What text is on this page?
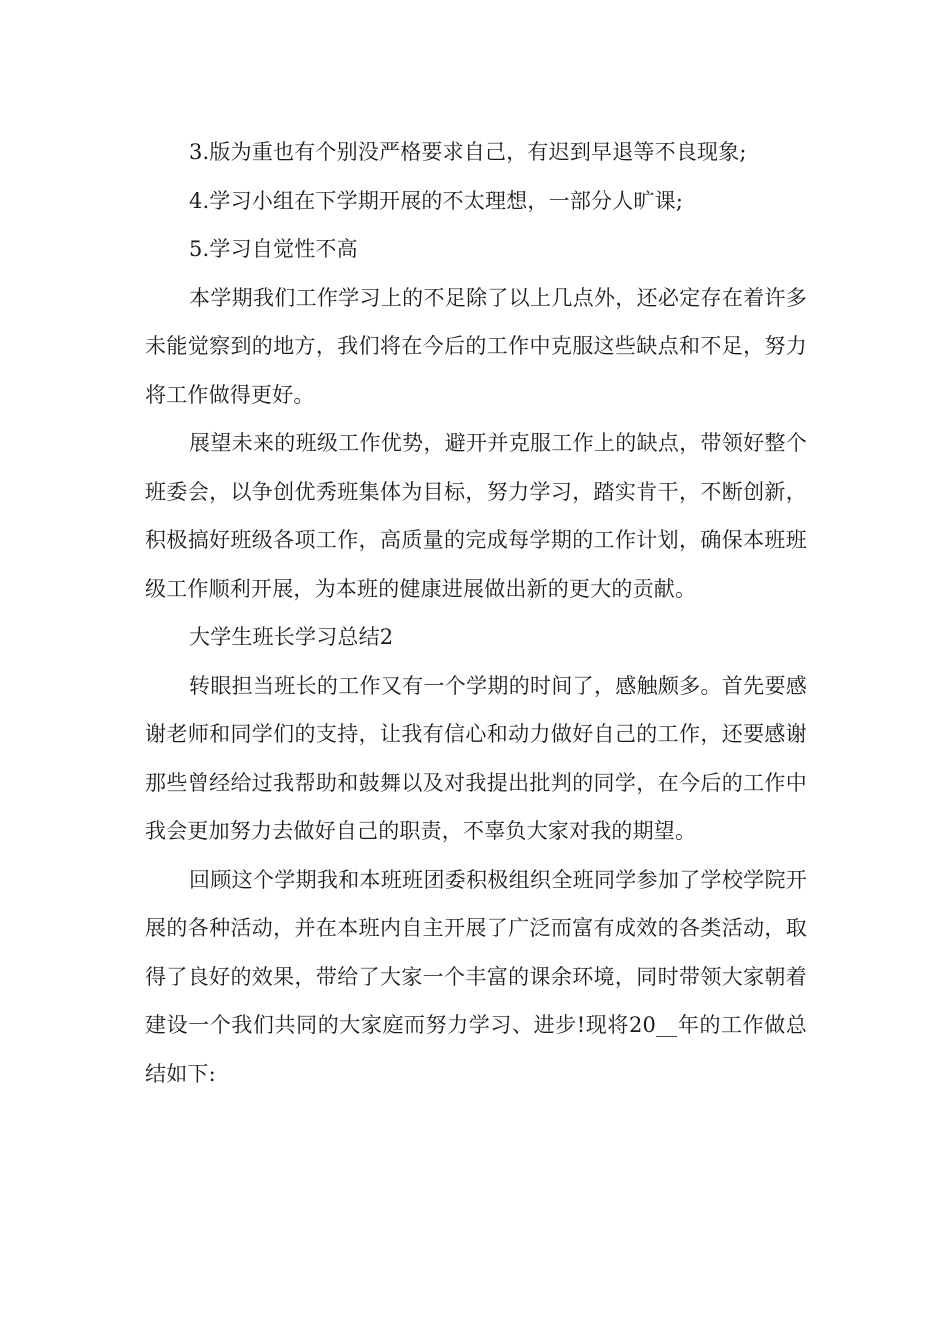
3.版为重也有个别没严格要求自己，有迟到早退等不良现象;

4.学习小组在下学期开展的不太理想，一部分人旷课;

5.学习自觉性不高

本学期我们工作学习上的不足除了以上几点外，还必定存在着许多未能觉察到的地方，我们将在今后的工作中克服这些缺点和不足，努力将工作做得更好。

展望未来的班级工作优势，避开并克服工作上的缺点，带领好整个班委会，以争创优秀班集体为目标，努力学习，踏实肯干，不断创新，积极搞好班级各项工作，高质量的完成每学期的工作计划，确保本班班级工作顺利开展，为本班的健康进展做出新的更大的贡献。

大学生班长学习总结2

转眼担当班长的工作又有一个学期的时间了，感触颇多。首先要感谢老师和同学们的支持，让我有信心和动力做好自己的工作，还要感谢那些曾经给过我帮助和鼓舞以及对我提出批判的同学，在今后的工作中我会更加努力去做好自己的职责，不辜负大家对我的期望。

回顾这个学期我和本班班团委积极组织全班同学参加了学校学院开展的各种活动，并在本班内自主开展了广泛而富有成效的各类活动，取得了良好的效果，带给了大家一个丰富的课余环境，同时带领大家朝着建设一个我们共同的大家庭而努力学习、进步!现将20__年的工作做总结如下:
